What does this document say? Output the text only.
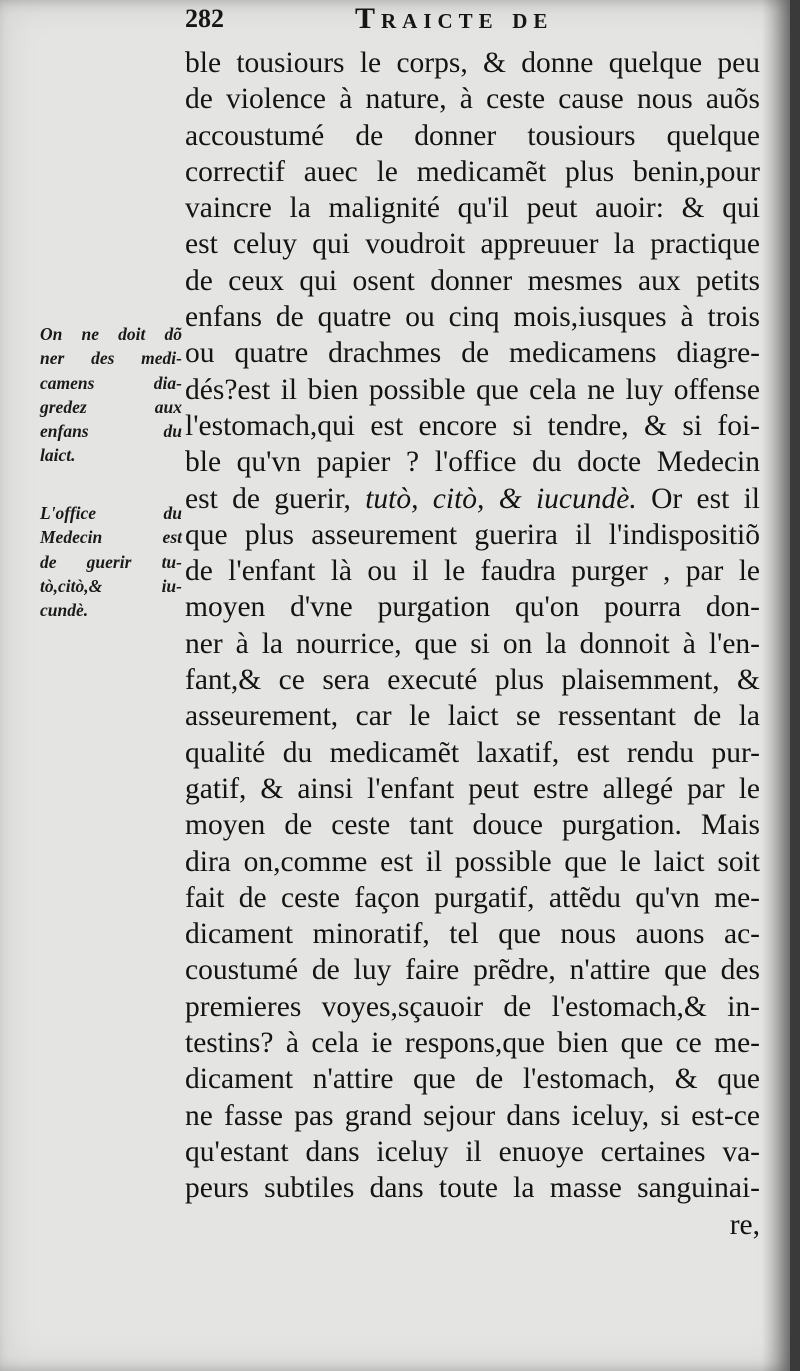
282	Traicte de
On ne doit dõ
ner des medi-
camens dia-
gredez aux
enfans du
laict.
L'office du
Medecin est
de guerir tu-
tò,citò,& iu-
cundè.
ble tousiours le corps, & donne quelque peu
de violence à nature, à ceste cause nous auõs
accoustumé de donner tousiours quelque
correctif auec le medicamẽt plus benin,pour
vaincre la malignité qu'il peut auoir: & qui
est celuy qui voudroit appreuuer la practique
de ceux qui osent donner mesmes aux petits
enfans de quatre ou cinq mois,iusques à trois
ou quatre drachmes de medicamens diagre-
dés?est il bien possible que cela ne luy offense
l'estomach,qui est encore si tendre, & si foi-
ble qu'vn papier ? l'office du docte Medecin
est de guerir, tutò, citò, & iucundè. Or est il
que plus asseurement guerira il l'indispositiõ
de l'enfant là ou il le faudra purger , par le
moyen d'vne purgation qu'on pourra don-
ner à la nourrice, que si on la donnoit à l'en-
fant,& ce sera executé plus plaisemment, &
asseurement, car le laict se ressentant de la
qualité du medicamẽt laxatif, est rendu pur-
gatif, & ainsi l'enfant peut estre allegé par le
moyen de ceste tant douce purgation. Mais
dira on,comme est il possible que le laict soit
fait de ceste façon purgatif, attẽdu qu'vn me-
dicament minoratif, tel que nous auons ac-
coustumé de luy faire prẽdre, n'attire que des
premieres voyes,sçauoir de l'estomach,& in-
testins? à cela ie respons,que bien que ce me-
dicament n'attire que de l'estomach, & que
ne fasse pas grand sejour dans iceluy, si est-ce
qu'estant dans iceluy il enuoye certaines va-
peurs subtiles dans toute la masse sanguinai-
re,
